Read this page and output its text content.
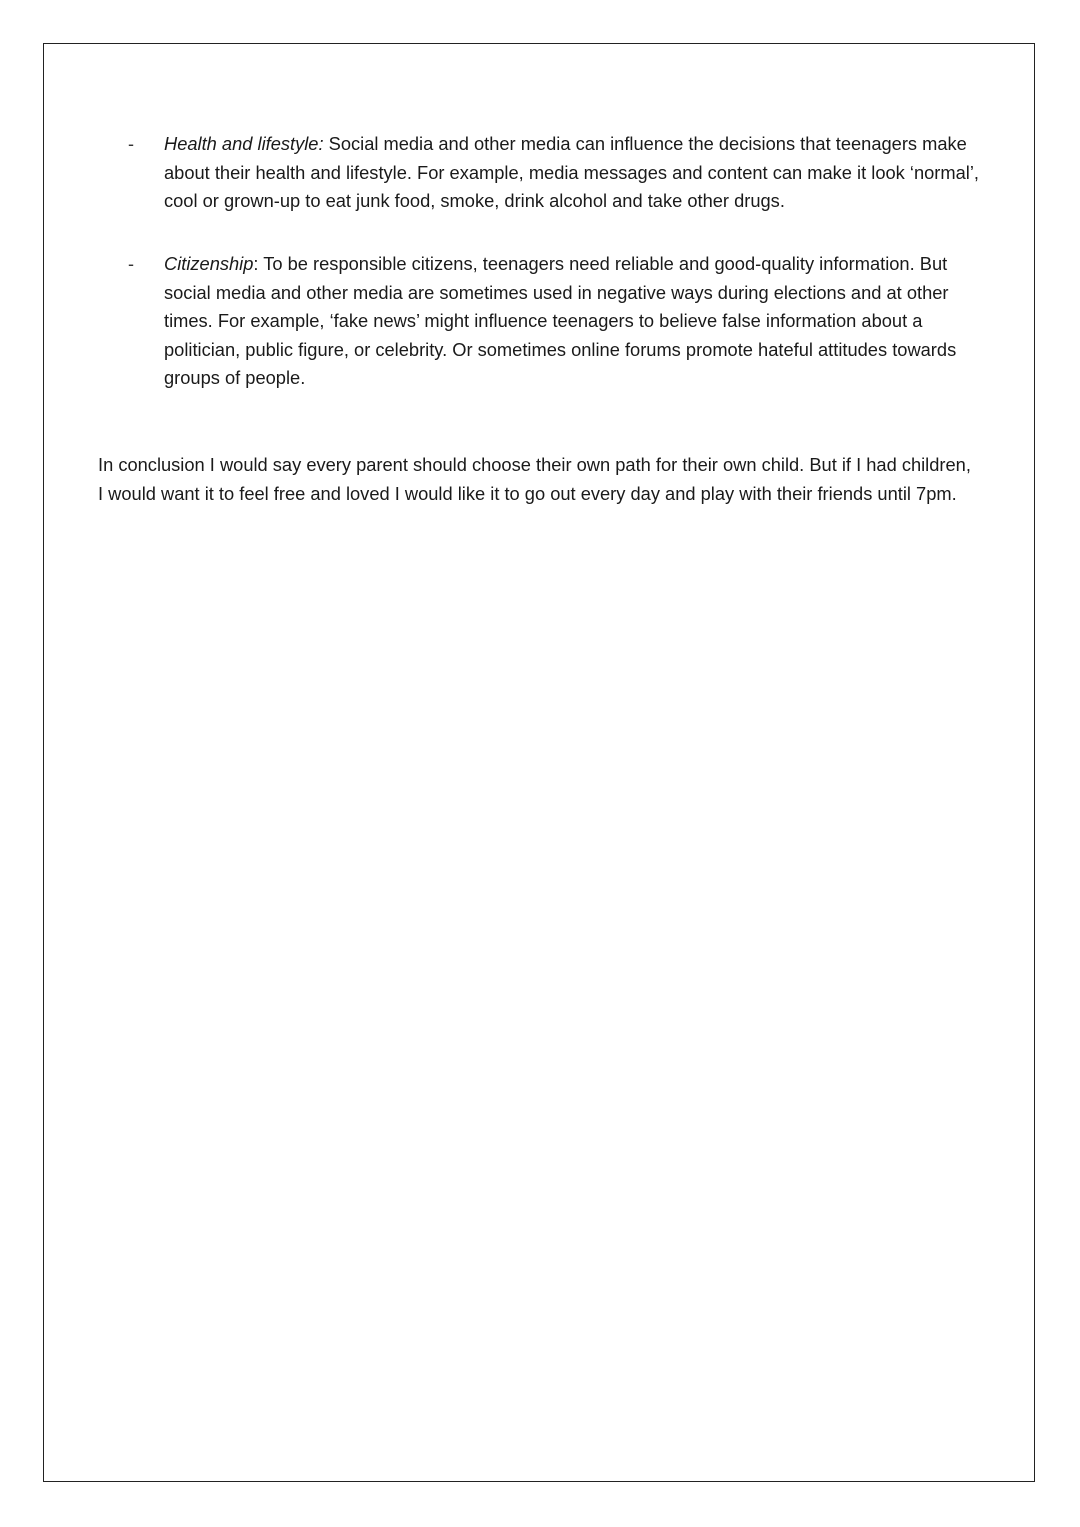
- Health and lifestyle: Social media and other media can influence the decisions that teenagers make about their health and lifestyle. For example, media messages and content can make it look ‘normal’, cool or grown-up to eat junk food, smoke, drink alcohol and take other drugs.

- Citizenship: To be responsible citizens, teenagers need reliable and good-quality information. But social media and other media are sometimes used in negative ways during elections and at other times. For example, ‘fake news’ might influence teenagers to believe false information about a politician, public figure, or celebrity. Or sometimes online forums promote hateful attitudes towards groups of people.

In conclusion I would say every parent should choose their own path for their own child. But if I had children, I would want it to feel free and loved I would like it to go out every day and play with their friends until 7pm.
